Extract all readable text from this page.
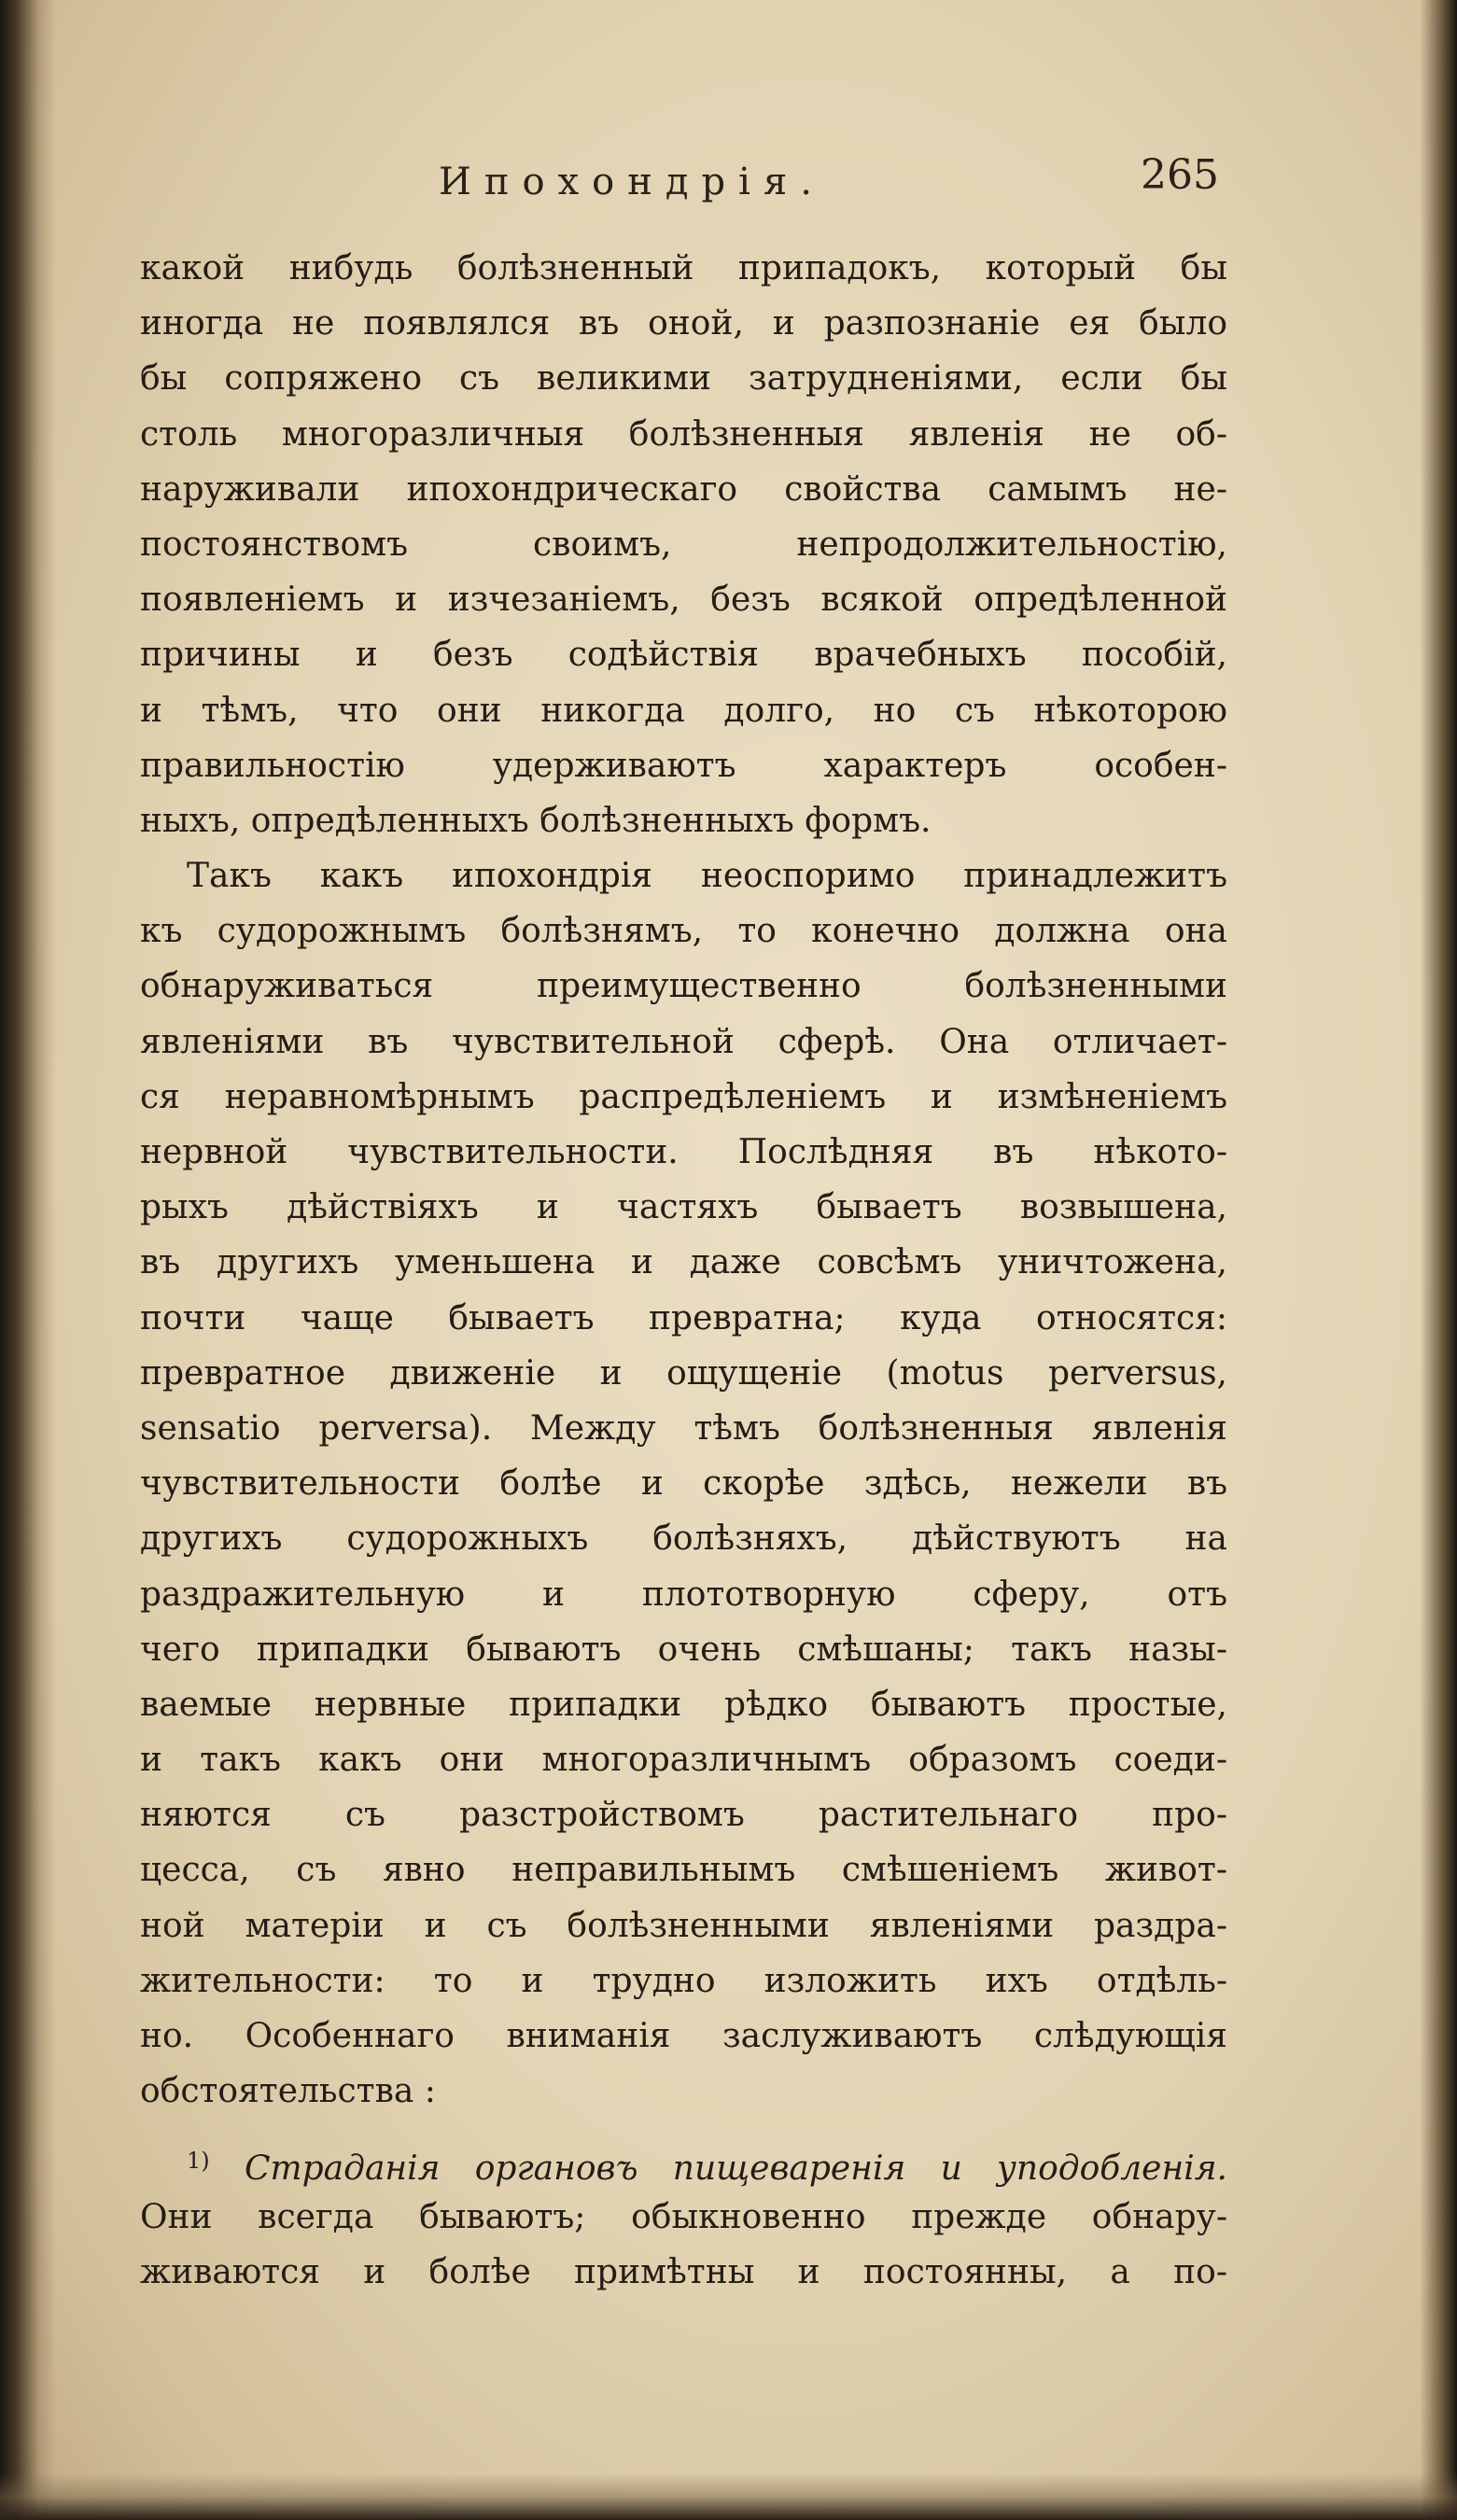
Ипохондрія.	265
какой нибудь болѣзненный припадокъ, который бы
иногда не появлялся въ оной, и разпознаніе ея было
бы сопряжено съ великими затрудненіями, если бы
столь многоразличныя болѣзненныя явленія не об-
наруживали ипохондрическаго свойства самымъ не-
постоянствомъ своимъ, непродолжительностію,
появленіемъ и изчезаніемъ, безъ всякой опредѣленной
причины и безъ содѣйствія врачебныхъ пособій,
и тѣмъ, что они никогда долго, но съ нѣкоторою
правильностію удерживаютъ характеръ особен-
ныхъ, опредѣленныхъ болѣзненныхъ формъ.
Такъ какъ ипохондрія неоспоримо принадлежитъ
къ судорожнымъ болѣзнямъ, то конечно должна она
обнаруживаться преимущественно болѣзненными
явленіями въ чувствительной сферѣ. Она отличает-
ся неравномѣрнымъ распредѣленіемъ и измѣненіемъ
нервной чувствительности. Послѣдняя въ нѣкото-
рыхъ дѣйствіяхъ и частяхъ бываетъ возвышена,
въ другихъ уменьшена и даже совсѣмъ уничтожена,
почти чаще бываетъ превратна; куда относятся:
превратное движеніе и ощущеніе (motus perversus,
sensatio perversa). Между тѣмъ болѣзненныя явленія
чувствительности болѣе и скорѣе здѣсь, нежели въ
другихъ судорожныхъ болѣзняхъ, дѣйствуютъ на
раздражительную и плототворную сферу, отъ
чего припадки бываютъ очень смѣшаны; такъ назы-
ваемые нервные припадки рѣдко бываютъ простые,
и такъ какъ они многоразличнымъ образомъ соеди-
няются съ разстройствомъ растительнаго про-
цесса, съ явно неправильнымъ смѣшеніемъ живот-
ной матеріи и съ болѣзненными явленіями раздра-
жительности: то и трудно изложить ихъ отдѣль-
но. Особеннаго вниманія заслуживаютъ слѣдующія
обстоятельства :
$^{1)}$ Страданія органовъ пищеваренія и уподобленія.
Они всегда бываютъ; обыкновенно прежде обнару-
живаются и болѣе примѣтны и постоянны, а по-
